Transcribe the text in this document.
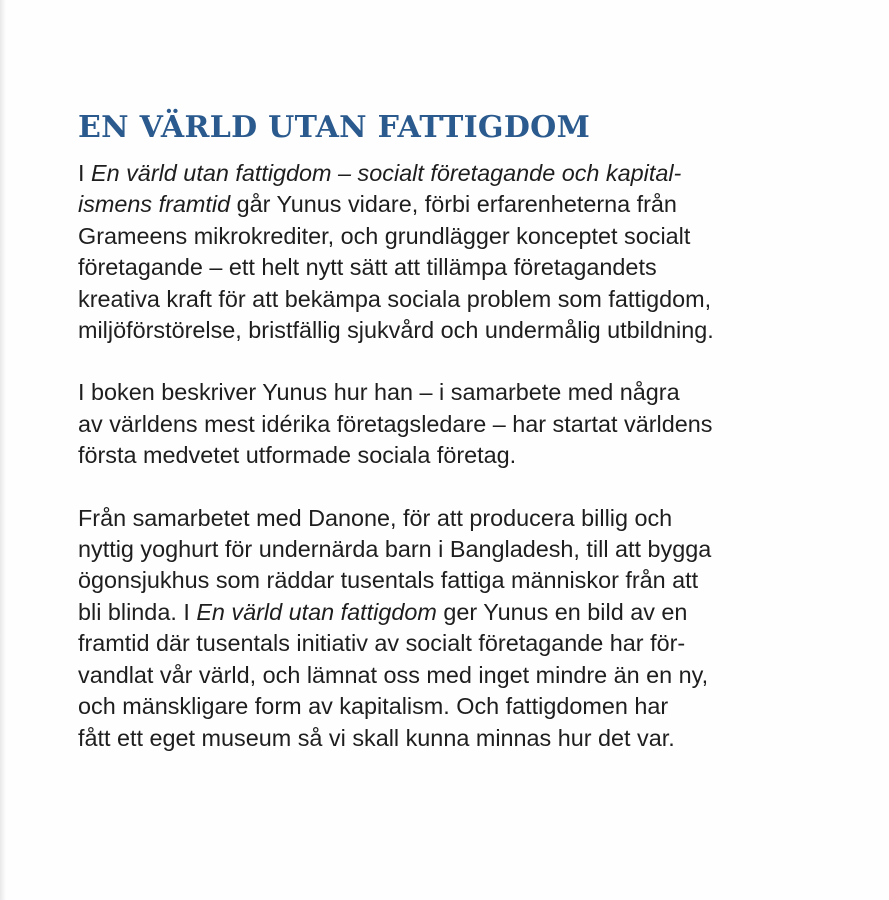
EN VÄRLD UTAN FATTIGDOM

I En värld utan fattigdom – socialt företagande och kapital-
ismens framtid går Yunus vidare, förbi erfarenheterna från
Grameens mikrokrediter, och grundlägger konceptet socialt
företagande – ett helt nytt sätt att tillämpa företagandets
kreativa kraft för att bekämpa sociala problem som fattigdom,
miljöförstörelse, bristfällig sjukvård och undermålig utbildning.

I boken beskriver Yunus hur han – i samarbete med några
av världens mest idérika företagsledare – har startat världens
första medvetet utformade sociala företag.

Från samarbetet med Danone, för att producera billig och
nyttig yoghurt för undernärda barn i Bangladesh, till att bygga
ögonsjukhus som räddar tusentals fattiga människor från att
bli blinda. I En värld utan fattigdom ger Yunus en bild av en
framtid där tusentals initiativ av socialt företagande har för-
vandlat vår värld, och lämnat oss med inget mindre än en ny,
och mänskligare form av kapitalism. Och fattigdomen har
fått ett eget museum så vi skall kunna minnas hur det var.
